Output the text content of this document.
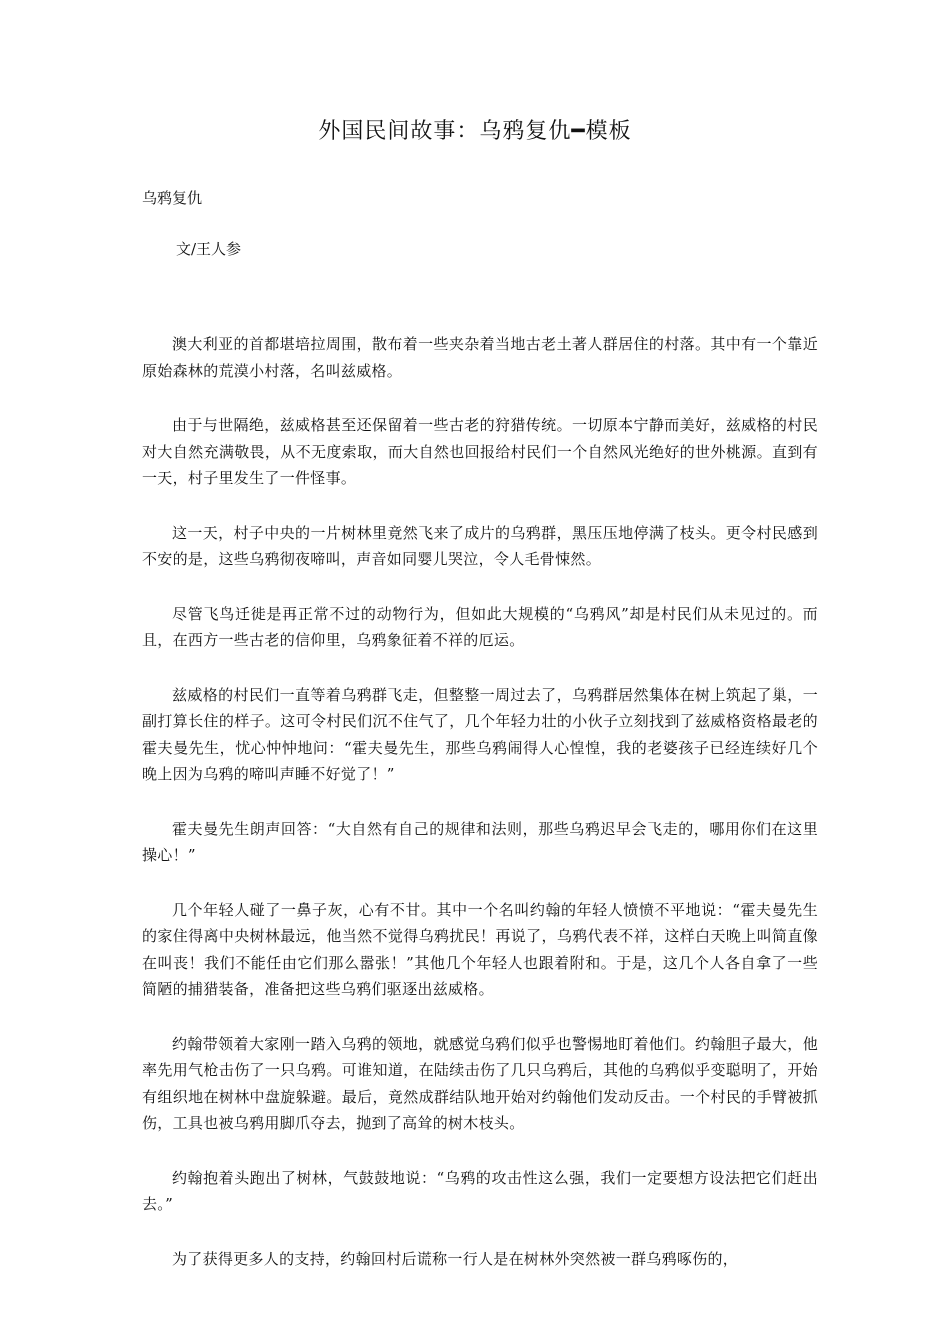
外国民间故事：乌鸦复仇━模板
乌鸦复仇
文/王人参

澳大利亚的首都堪培拉周围，散布着一些夹杂着当地古老土著人群居住的村落。其中有一个靠近原始森林的荒漠小村落，名叫兹威格。

由于与世隔绝，兹威格甚至还保留着一些古老的狩猎传统。一切原本宁静而美好，兹威格的村民对大自然充满敬畏，从不无度索取，而大自然也回报给村民们一个自然风光绝好的世外桃源。直到有一天，村子里发生了一件怪事。

这一天，村子中央的一片树林里竟然飞来了成片的乌鸦群，黑压压地停满了枝头。更令村民感到不安的是，这些乌鸦彻夜啼叫，声音如同婴儿哭泣，令人毛骨悚然。

尽管飞鸟迁徙是再正常不过的动物行为，但如此大规模的“乌鸦风”却是村民们从未见过的。而且，在西方一些古老的信仰里，乌鸦象征着不祥的厄运。

兹威格的村民们一直等着乌鸦群飞走，但整整一周过去了，乌鸦群居然集体在树上筑起了巢，一副打算长住的样子。这可令村民们沉不住气了，几个年轻力壮的小伙子立刻找到了兹威格资格最老的霍夫曼先生，忧心忡忡地问：“霍夫曼先生，那些乌鸦闹得人心惶惶，我的老婆孩子已经连续好几个晚上因为乌鸦的啼叫声睡不好觉了！”

霍夫曼先生朗声回答：“大自然有自己的规律和法则，那些乌鸦迟早会飞走的，哪用你们在这里操心！”

几个年轻人碰了一鼻子灰，心有不甘。其中一个名叫约翰的年轻人愤愤不平地说：“霍夫曼先生的家住得离中央树林最远，他当然不觉得乌鸦扰民！再说了，乌鸦代表不祥，这样白天晚上叫简直像在叫丧！我们不能任由它们那么嚣张！”其他几个年轻人也跟着附和。于是，这几个人各自拿了一些简陋的捕猎装备，准备把这些乌鸦们驱逐出兹威格。

约翰带领着大家刚一踏入乌鸦的领地，就感觉乌鸦们似乎也警惕地盯着他们。约翰胆子最大，他率先用气枪击伤了一只乌鸦。可谁知道，在陆续击伤了几只乌鸦后，其他的乌鸦似乎变聪明了，开始有组织地在树林中盘旋躲避。最后，竟然成群结队地开始对约翰他们发动反击。一个村民的手臂被抓伤，工具也被乌鸦用脚爪夺去，抛到了高耸的树木枝头。

约翰抱着头跑出了树林，气鼓鼓地说：“乌鸦的攻击性这么强，我们一定要想方设法把它们赶出去。”

为了获得更多人的支持，约翰回村后谎称一行人是在树林外突然被一群乌鸦啄伤的，
